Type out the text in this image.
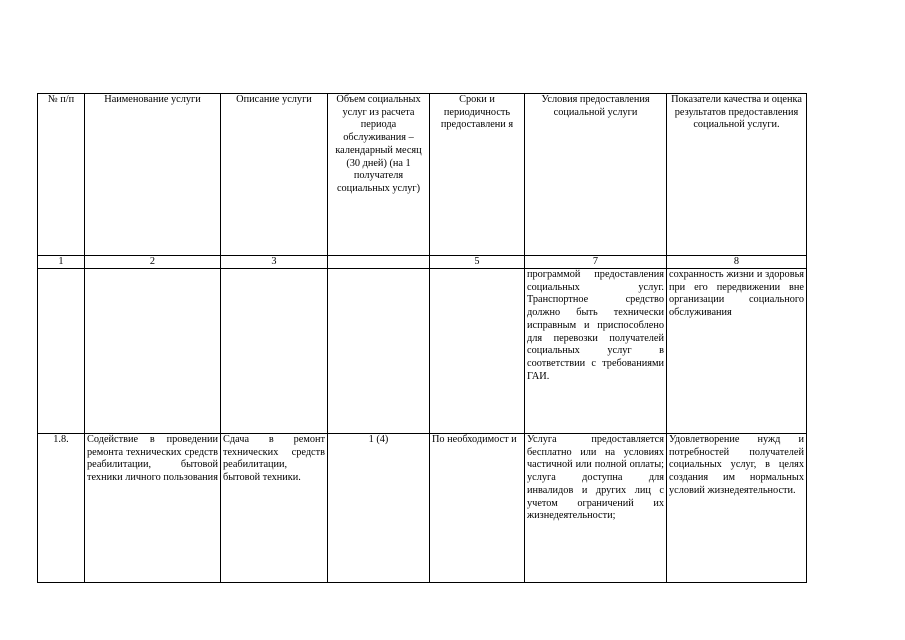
№ п/п	Наименование услуги	Описание услуги	Объем социальных услуг из расчета периода обслуживания – календарный месяц (30 дней) (на 1 получателя социальных услуг)	Сроки и периодичность предоставлени я	Условия предоставления социальной услуги	Показатели качества и оценка результатов предоставления социальной услуги.
1	2	3		5	7	8
					программой предоставления социальных услуг. Транспортное средство должно быть технически исправным и приспособлено для перевозки получателей социальных услуг в соответствии с требованиями ГАИ.	сохранность жизни и здоровья при его передвижении вне организации социального обслуживания
1.8.	Содействие в проведении ремонта технических средств реабилитации, бытовой техники личного пользования	Сдача в ремонт технических средств реабилитации, бытовой техники.	1 (4)	По необходимост и	Услуга предоставляется бесплатно или на условиях частичной или полной оплаты; услуга доступна для инвалидов и других лиц с учетом ограничений их жизнедеятельности;	Удовлетворение нужд и потребностей получателей социальных услуг, в целях создания им нормальных условий жизнедеятельности.
